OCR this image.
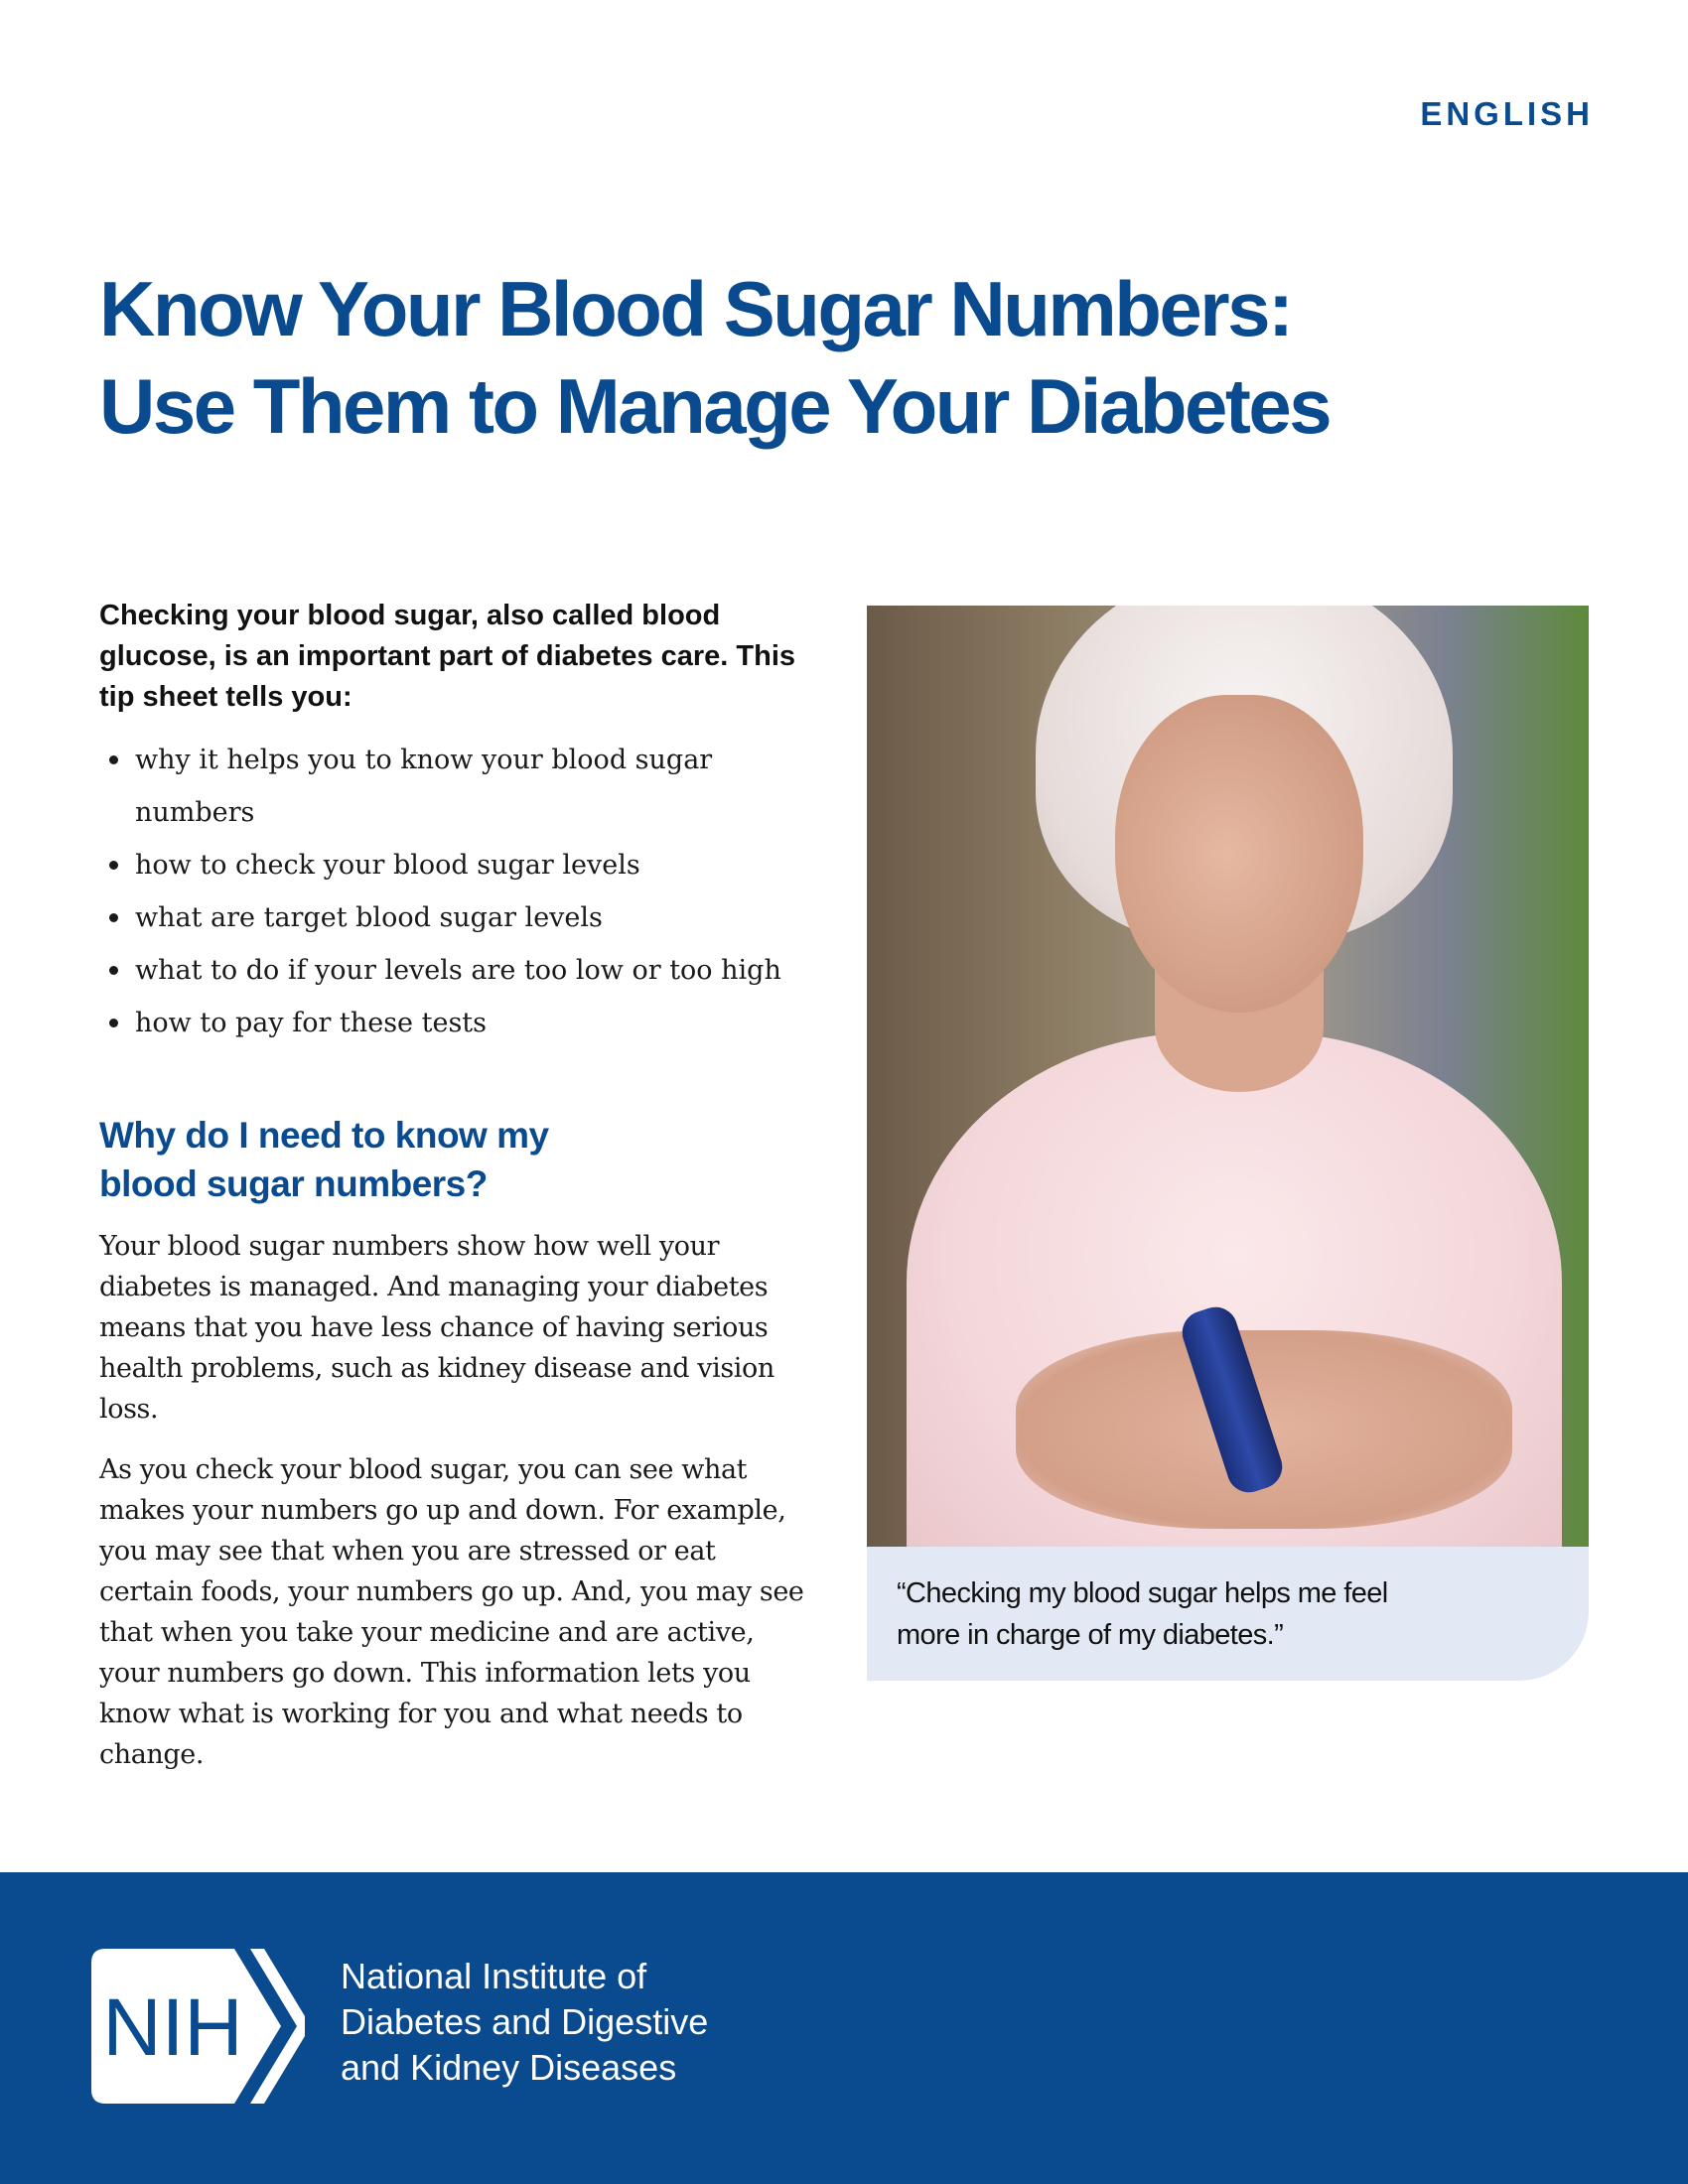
ENGLISH
Know Your Blood Sugar Numbers:
Use Them to Manage Your Diabetes

Checking your blood sugar, also called blood glucose, is an important part of diabetes care. This tip sheet tells you:

why it helps you to know your blood sugar numbers
how to check your blood sugar levels
what are target blood sugar levels
what to do if your levels are too low or too high
how to pay for these tests
Why do I need to know my blood sugar numbers?

Your blood sugar numbers show how well your diabetes is managed. And managing your diabetes means that you have less chance of having serious health problems, such as kidney disease and vision loss.

As you check your blood sugar, you can see what makes your numbers go up and down. For example, you may see that when you are stressed or eat certain foods, your numbers go up. And, you may see that when you take your medicine and are active, your numbers go down. This information lets you know what is working for you and what needs to change.

“Checking my blood sugar helps me feel
more in charge of my diabetes.”
NIH
National Institute of
Diabetes and Digestive
and Kidney Diseases
